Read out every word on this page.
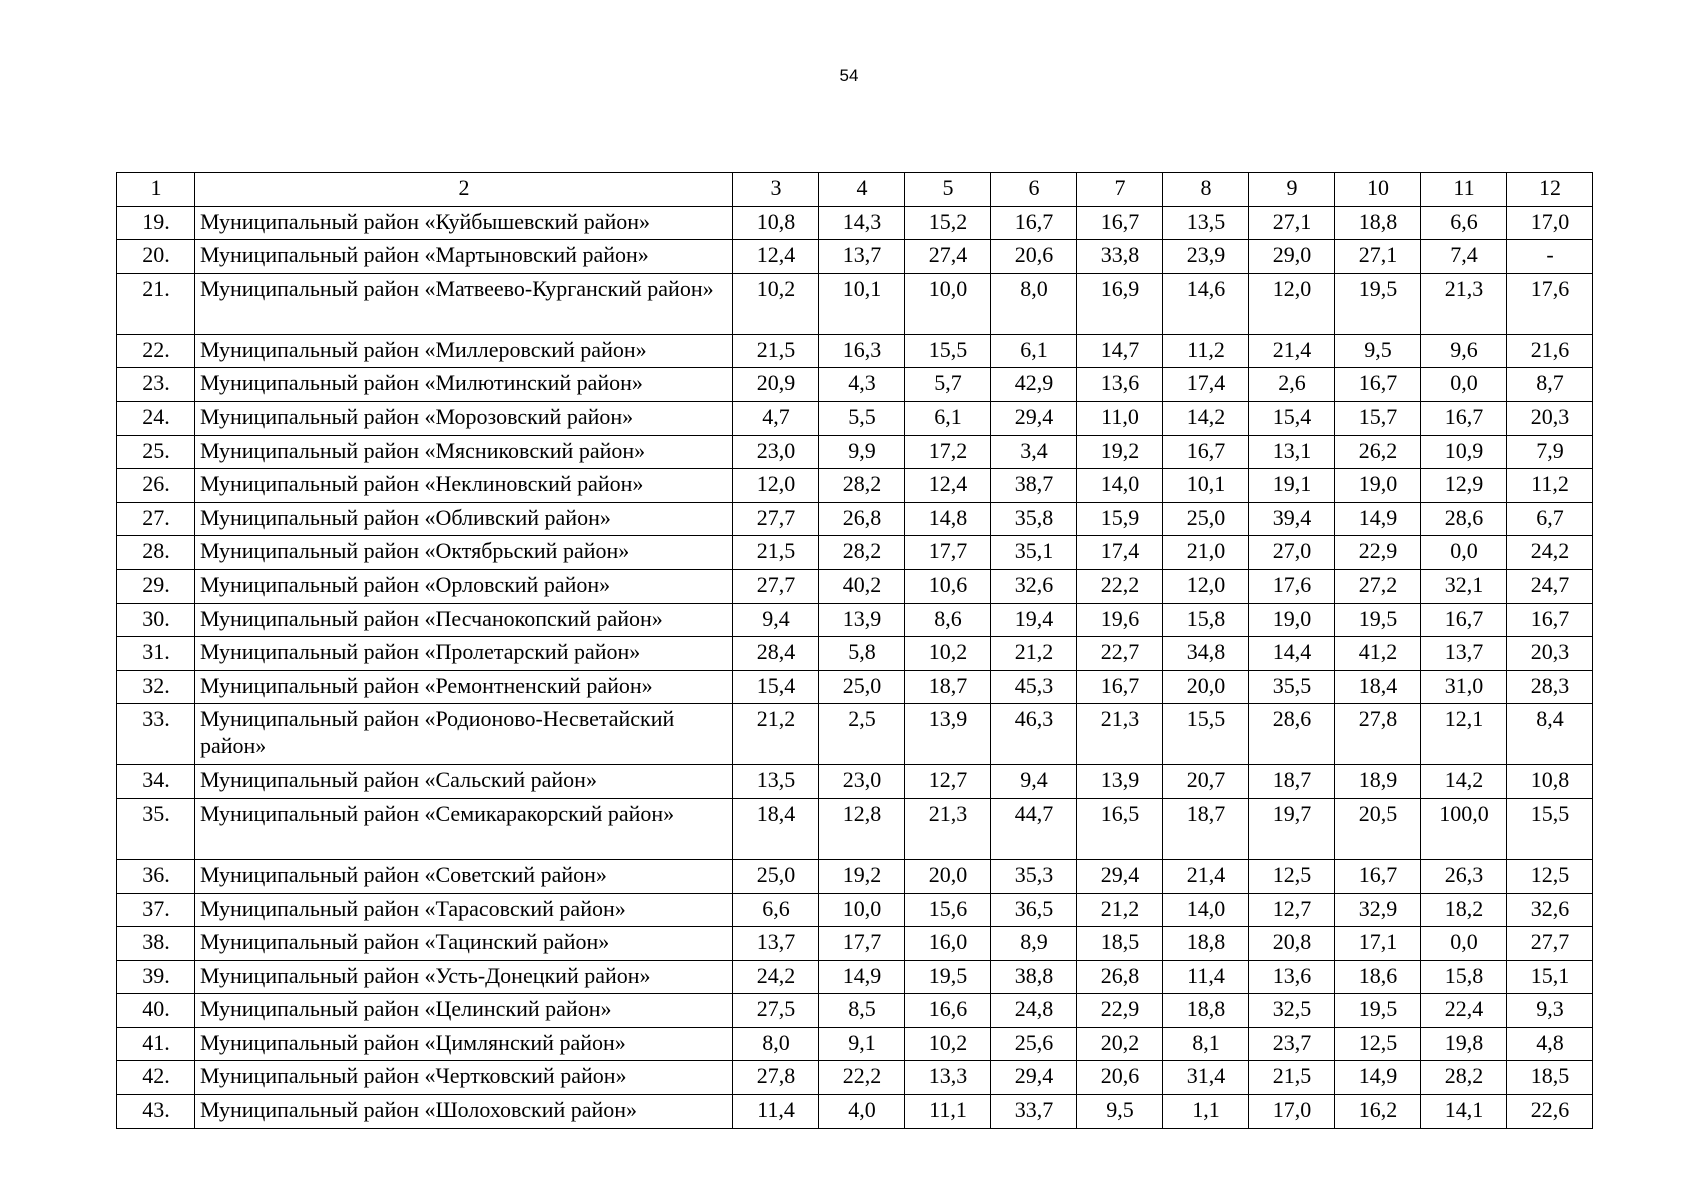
54
1	2	3	4	5	6	7	8	9	10	11	12
19.	Муниципальный район «Куйбышевский район»	10,8	14,3	15,2	16,7	16,7	13,5	27,1	18,8	6,6	17,0
20.	Муниципальный район «Мартыновский район»	12,4	13,7	27,4	20,6	33,8	23,9	29,0	27,1	7,4	-
21.	Муниципальный район «Матвеево-Курганский район»	10,2	10,1	10,0	8,0	16,9	14,6	12,0	19,5	21,3	17,6
22.	Муниципальный район «Миллеровский район»	21,5	16,3	15,5	6,1	14,7	11,2	21,4	9,5	9,6	21,6
23.	Муниципальный район «Милютинский район»	20,9	4,3	5,7	42,9	13,6	17,4	2,6	16,7	0,0	8,7
24.	Муниципальный район «Морозовский район»	4,7	5,5	6,1	29,4	11,0	14,2	15,4	15,7	16,7	20,3
25.	Муниципальный район «Мясниковский район»	23,0	9,9	17,2	3,4	19,2	16,7	13,1	26,2	10,9	7,9
26.	Муниципальный район «Неклиновский район»	12,0	28,2	12,4	38,7	14,0	10,1	19,1	19,0	12,9	11,2
27.	Муниципальный район «Обливский район»	27,7	26,8	14,8	35,8	15,9	25,0	39,4	14,9	28,6	6,7
28.	Муниципальный район «Октябрьский район»	21,5	28,2	17,7	35,1	17,4	21,0	27,0	22,9	0,0	24,2
29.	Муниципальный район «Орловский район»	27,7	40,2	10,6	32,6	22,2	12,0	17,6	27,2	32,1	24,7
30.	Муниципальный район «Песчанокопский район»	9,4	13,9	8,6	19,4	19,6	15,8	19,0	19,5	16,7	16,7
31.	Муниципальный район «Пролетарский район»	28,4	5,8	10,2	21,2	22,7	34,8	14,4	41,2	13,7	20,3
32.	Муниципальный район «Ремонтненский район»	15,4	25,0	18,7	45,3	16,7	20,0	35,5	18,4	31,0	28,3
33.	Муниципальный район «Родионово-Несветайский район»	21,2	2,5	13,9	46,3	21,3	15,5	28,6	27,8	12,1	8,4
34.	Муниципальный район «Сальский район»	13,5	23,0	12,7	9,4	13,9	20,7	18,7	18,9	14,2	10,8
35.	Муниципальный район «Семикаракорский район»	18,4	12,8	21,3	44,7	16,5	18,7	19,7	20,5	100,0	15,5
36.	Муниципальный район «Советский район»	25,0	19,2	20,0	35,3	29,4	21,4	12,5	16,7	26,3	12,5
37.	Муниципальный район «Тарасовский район»	6,6	10,0	15,6	36,5	21,2	14,0	12,7	32,9	18,2	32,6
38.	Муниципальный район «Тацинский район»	13,7	17,7	16,0	8,9	18,5	18,8	20,8	17,1	0,0	27,7
39.	Муниципальный район «Усть-Донецкий район»	24,2	14,9	19,5	38,8	26,8	11,4	13,6	18,6	15,8	15,1
40.	Муниципальный район «Целинский район»	27,5	8,5	16,6	24,8	22,9	18,8	32,5	19,5	22,4	9,3
41.	Муниципальный район «Цимлянский район»	8,0	9,1	10,2	25,6	20,2	8,1	23,7	12,5	19,8	4,8
42.	Муниципальный район «Чертковский район»	27,8	22,2	13,3	29,4	20,6	31,4	21,5	14,9	28,2	18,5
43.	Муниципальный район «Шолоховский район»	11,4	4,0	11,1	33,7	9,5	1,1	17,0	16,2	14,1	22,6
